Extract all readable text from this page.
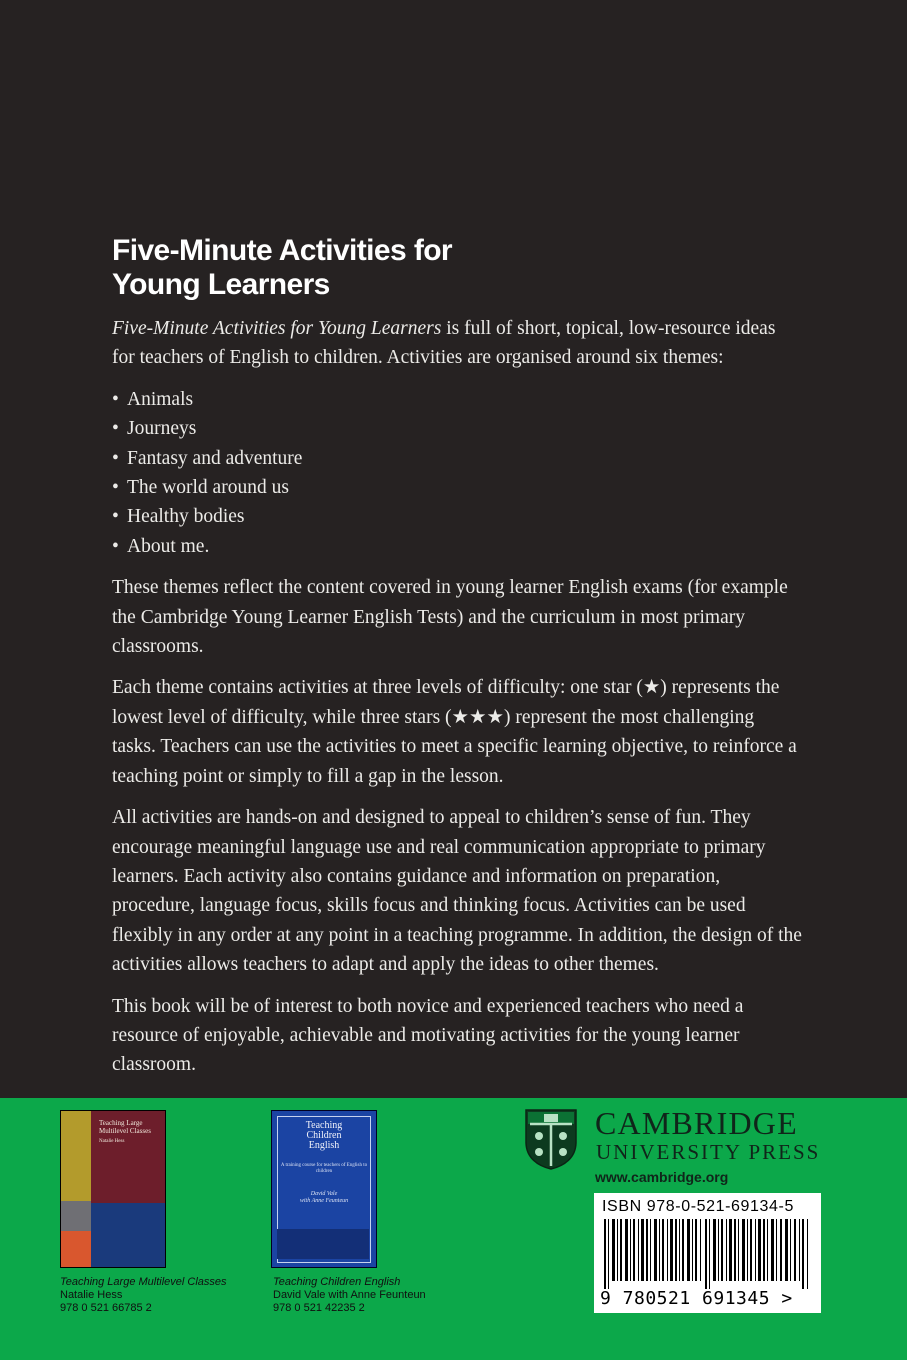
Five-Minute Activities for
Young Learners

Five-Minute Activities for Young Learners is full of short, topical, low-resource ideas for teachers of English to children. Activities are organised around six themes:

• Animals
• Journeys
• Fantasy and adventure
• The world around us
• Healthy bodies
• About me.

These themes reflect the content covered in young learner English exams (for example the Cambridge Young Learner English Tests) and the curriculum in most primary classrooms.

Each theme contains activities at three levels of difficulty: one star (★) represents the lowest level of difficulty, while three stars (★★★) represent the most challenging tasks. Teachers can use the activities to meet a specific learning objective, to reinforce a teaching point or simply to fill a gap in the lesson.

All activities are hands-on and designed to appeal to children’s sense of fun. They encourage meaningful language use and real communication appropriate to primary learners. Each activity also contains guidance and information on preparation, procedure, language focus, skills focus and thinking focus. Activities can be used flexibly in any order at any point in a teaching programme. In addition, the design of the activities allows teachers to adapt and apply the ideas to other themes.

This book will be of interest to both novice and experienced teachers who need a resource of enjoyable, achievable and motivating activities for the young learner classroom.

Teaching Large
Multilevel Classes
Natalie Hess
Teaching
Children
English
A training course for teachers of English to children
David Vale
with Anne Feunteun
Teaching Large Multilevel Classes
Natalie Hess
978 0 521 66785 2
Teaching Children English
David Vale with Anne Feunteun
978 0 521 42235 2
CAMBRIDGE
UNIVERSITY PRESS
www.cambridge.org
ISBN 978-0-521-69134-5
9 780521 691345 >
